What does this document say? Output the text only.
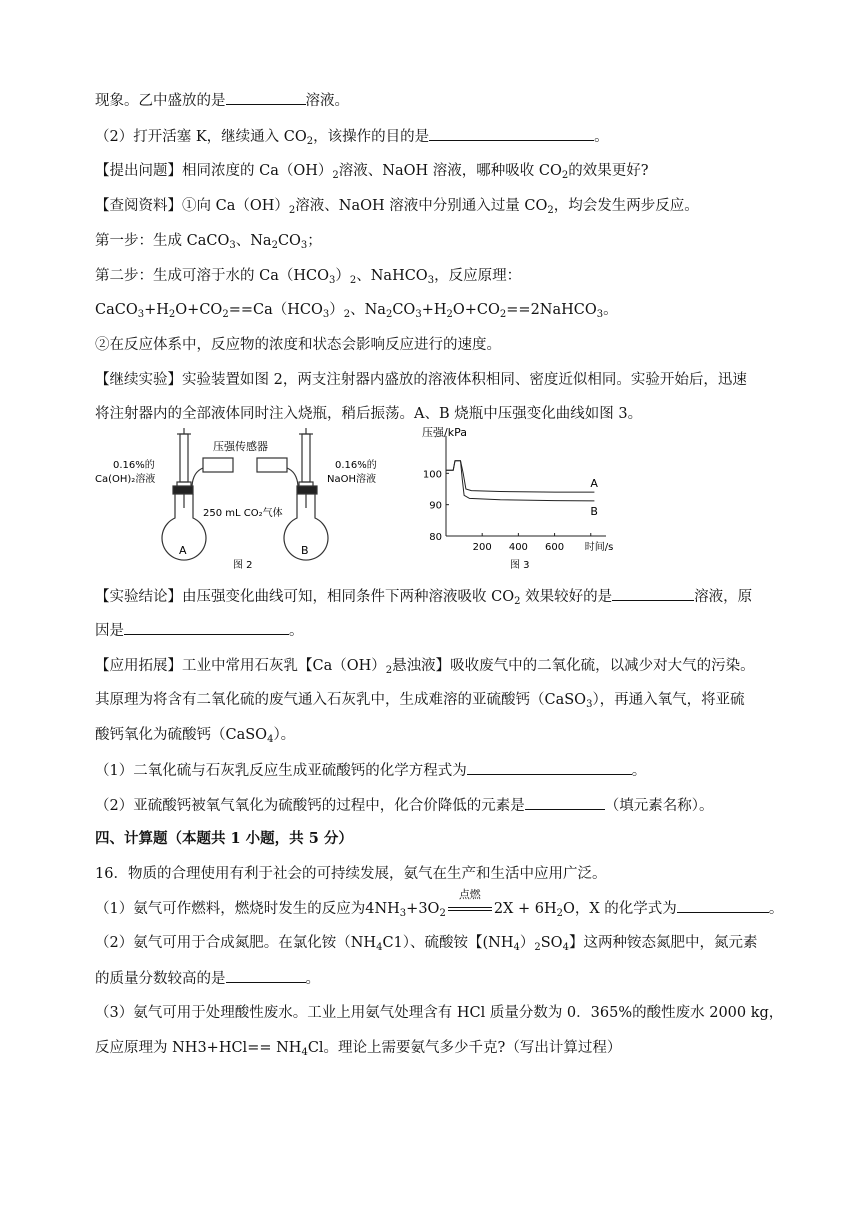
现象。乙中盛放的是	溶液。
（2）打开活塞 K，继续通入 $CO_2$，该操作的目的是	。
【提出问题】相同浓度的 $Ca(OH)_2$溶液、NaOH 溶液，哪种吸收 $CO_2$的效果更好?
【查阅资料】①向 $Ca(OH)_2$溶液、NaOH 溶液中分别通入过量 $CO_2$，均会发生两步反应。
第一步：生成 CaCO$_3$、$Na_2CO_3$；
第二步：生成可溶于水的 $Ca(HCO_3)_2$、NaHCO$_3$，反应原理：
$CaCO_3+H_2O+CO_2==Ca(HCO_3)_2$、$Na_2CO_3+H_2O+CO_2==2NaHCO_3$。
②在反应体系中，反应物的浓度和状态会影响反应进行的速度。
【继续实验】实验装置如图 2，两支注射器内盛放的溶液体积相同、密度近似相同。实验开始后，迅速
将注射器内的全部液体同时注入烧瓶，稍后振荡。A、B 烧瓶中压强变化曲线如图 3。
压强传感器
0.16%的
Ca(OH)₂溶液
0.16%的
NaOH溶液
250 mL CO₂气体
A	B
图 2
80
90
100
200 400 600
A
B
压强/kPa
时间/s
图 3
【实验结论】由压强变化曲线可知，相同条件下两种溶液吸收 $CO_2$ 效果较好的是	溶液，原
因是	。
【应用拓展】工业中常用石灰乳【$Ca(OH)_2$悬浊液】吸收废气中的二氧化硫，以减少对大气的污染。
其原理为将含有二氧化硫的废气通入石灰乳中，生成难溶的亚硫酸钙（CaSO$_3$），再通入氧气，将亚硫
酸钙氧化为硫酸钙（CaSO$_4$）。
（1）二氧化硫与石灰乳反应生成亚硫酸钙的化学方程式为	。
（2）亚硫酸钙被氧气氧化为硫酸钙的过程中，化合价降低的元素是	（填元素名称）。
四、计算题（本题共 1 小题，共 5 分）
16．物质的合理使用有利于社会的可持续发展，氨气在生产和生活中应用广泛。
（1）氨气可作燃料，燃烧时发生的反应为$4NH_3+3O_2$
点燃
$2X + 6H_2O$，X 的化学式为	。
（2）氨气可用于合成氮肥。在氯化铵$(NH_4C1)$、硫酸铵【$(NH_4)_2SO_4$】这两种铵态氮肥中，氮元素
的质量分数较高的是	。
（3）氨气可用于处理酸性废水。工业上用氨气处理含有 HCl 质量分数为 0．365%的酸性废水 2000 kg，
反应原理为 $NH3+HCl== NH_4Cl$。理论上需要氨气多少千克?（写出计算过程）
